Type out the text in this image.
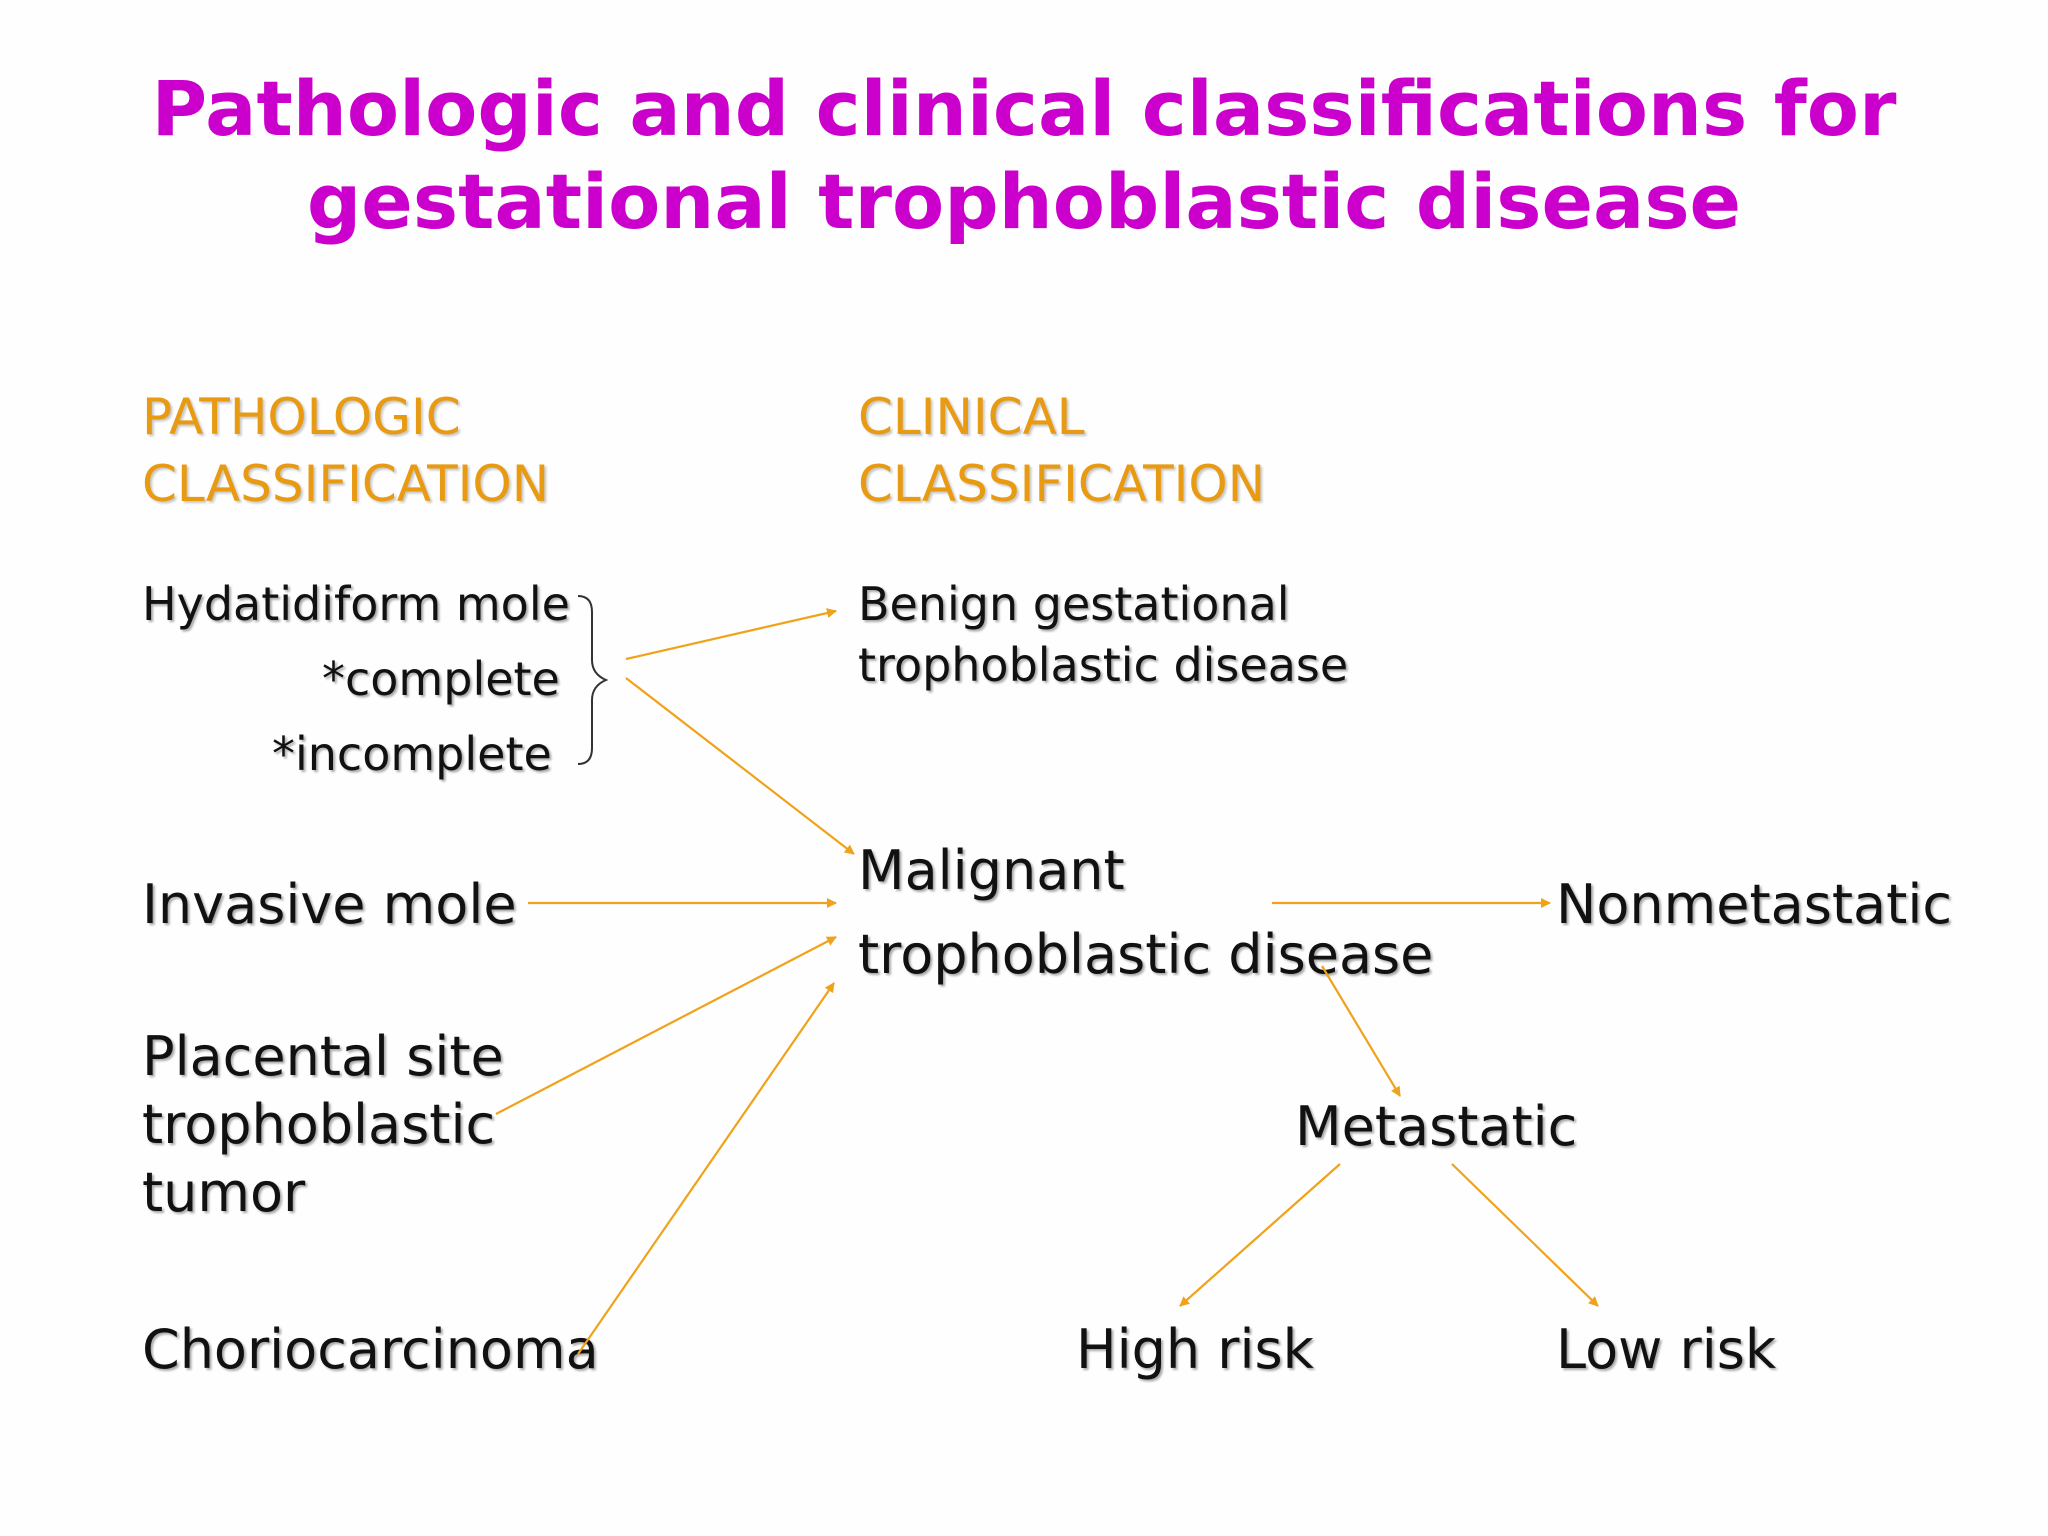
Pathologic and clinical classifications for
gestational trophoblastic disease
PATHOLOGIC
CLASSIFICATION
CLINICAL
CLASSIFICATION
Hydatidiform mole
*complete
*incomplete
Invasive mole
Placental site
trophoblastic
tumor
Choriocarcinoma
Benign gestational
trophoblastic disease
Malignant
trophoblastic disease
Nonmetastatic
Metastatic
High risk	Low risk
